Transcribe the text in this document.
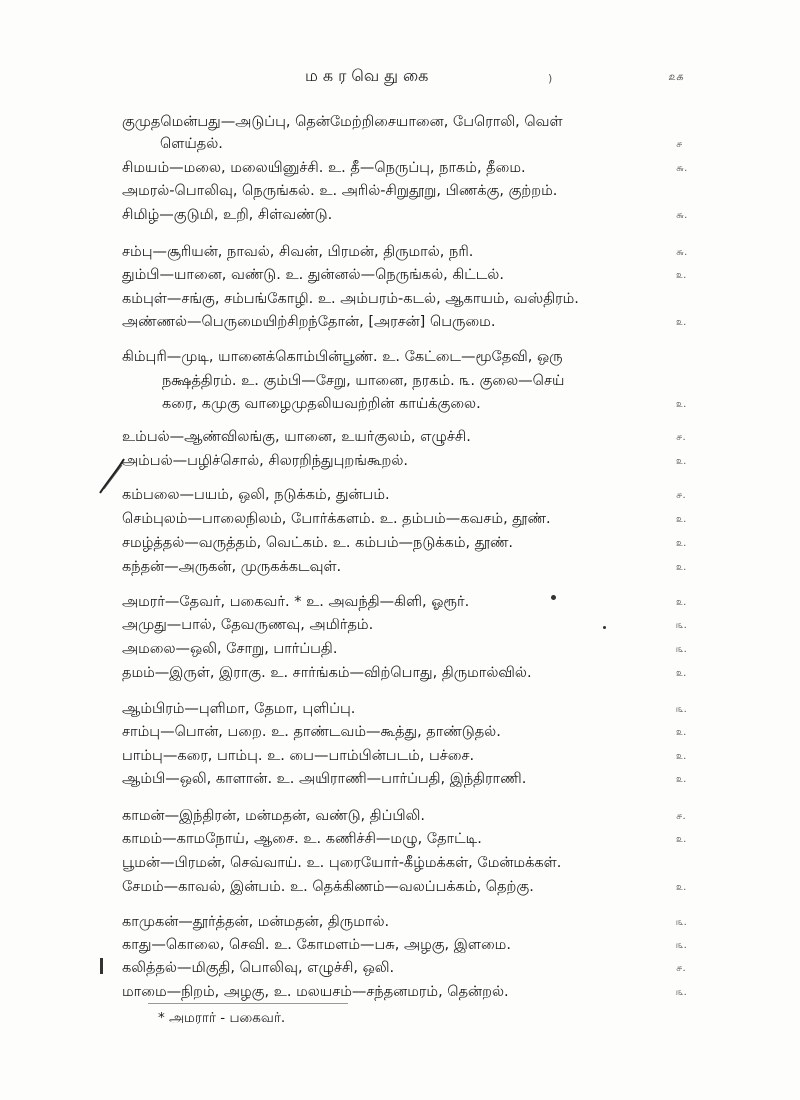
மகரவெதுகை	)	௨௧
குமுதமென்பது—அடுப்பு, தென்மேற்றிசையானை, பேரொலி, வெள்
ளெய்தல்.	௪
சிமயம்—மலை, மலையினுச்சி. உ. தீ—நெருப்பு, நாகம், தீமை.	௬.
அமரல்-பொலிவு, நெருங்கல். உ. அரில்-சிறுதூறு, பிணக்கு, குற்றம்.
சிமிழ்—குடுமி, உறி, சிள்வண்டு.	௬.
சம்பு—சூரியன், நாவல், சிவன், பிரமன், திருமால், நரி.	௬.
தும்பி—யானை, வண்டு. உ. துன்னல்—நெருங்கல், கிட்டல்.	௨.
கம்புள்—சங்கு, சம்பங்கோழி. உ. அம்பரம்-கடல், ஆகாயம், வஸ்திரம்.
அண்ணல்—பெருமையிற்சிறந்தோன், [அரசன்] பெருமை.	௨.
கிம்புரி—முடி, யானைக்கொம்பின்பூண். உ. கேட்டை—மூதேவி, ஒரு
நக்ஷத்திரம். உ. கும்பி—சேறு, யானை, நரகம். ௩. குலை—செய்
கரை, கமுகு வாழைமுதலியவற்றின் காய்க்குலை.	௨.
உம்பல்—ஆண்விலங்கு, யானை, உயர்குலம், எழுச்சி.	௪.
அம்பல்—பழிச்சொல், சிலரறிந்துபுறங்கூறல்.	௨.
கம்பலை—பயம், ஒலி, நடுக்கம், துன்பம்.	௪.
செம்புலம்—பாலைநிலம், போர்க்களம். உ. தம்பம்—கவசம், தூண்.	௨.
சமழ்த்தல்—வருத்தம், வெட்கம். உ. கம்பம்—நடுக்கம், தூண்.	௨.
கந்தன்—அருகன், முருகக்கடவுள்.	௨.
அமரர்—தேவர், பகைவர். * உ. அவந்தி—கிளி, ஓரூர்.	௨.
அமுது—பால், தேவருணவு, அமிர்தம்.	௩.
அமலை—ஒலி, சோறு, பார்ப்பதி.	௩.
தமம்—இருள், இராகு. உ. சார்ங்கம்—விற்பொது, திருமால்வில்.	௨.
ஆம்பிரம்—புளிமா, தேமா, புளிப்பு.	௩.
சாம்பு—பொன், பறை. உ. தாண்டவம்—கூத்து, தாண்டுதல்.	௨.
பாம்பு—கரை, பாம்பு. உ. பை—பாம்பின்படம், பச்சை.	௨.
ஆம்பி—ஒலி, காளான். உ. அயிராணி—பார்ப்பதி, இந்திராணி.	௨.
காமன்—இந்திரன், மன்மதன், வண்டு, திப்பிலி.	௪.
காமம்—காமநோய், ஆசை. உ. கணிச்சி—மழு, தோட்டி.	௨.
பூமன்—பிரமன், செவ்வாய். உ. புரையோர்-கீழ்மக்கள், மேன்மக்கள்.
சேமம்—காவல், இன்பம். உ. தெக்கிணம்—வலப்பக்கம், தெற்கு.	௨.
காமுகன்—தூர்த்தன், மன்மதன், திருமால்.	௩.
காது—கொலை, செவி. உ. கோமளம்—பசு, அழகு, இளமை.	௩.
கலித்தல்—மிகுதி, பொலிவு, எழுச்சி, ஒலி.	௪.
மாமை—நிறம், அழகு, உ. மலயசம்—சந்தனமரம், தென்றல்.	௩.
* அமரார் - பகைவர்.
